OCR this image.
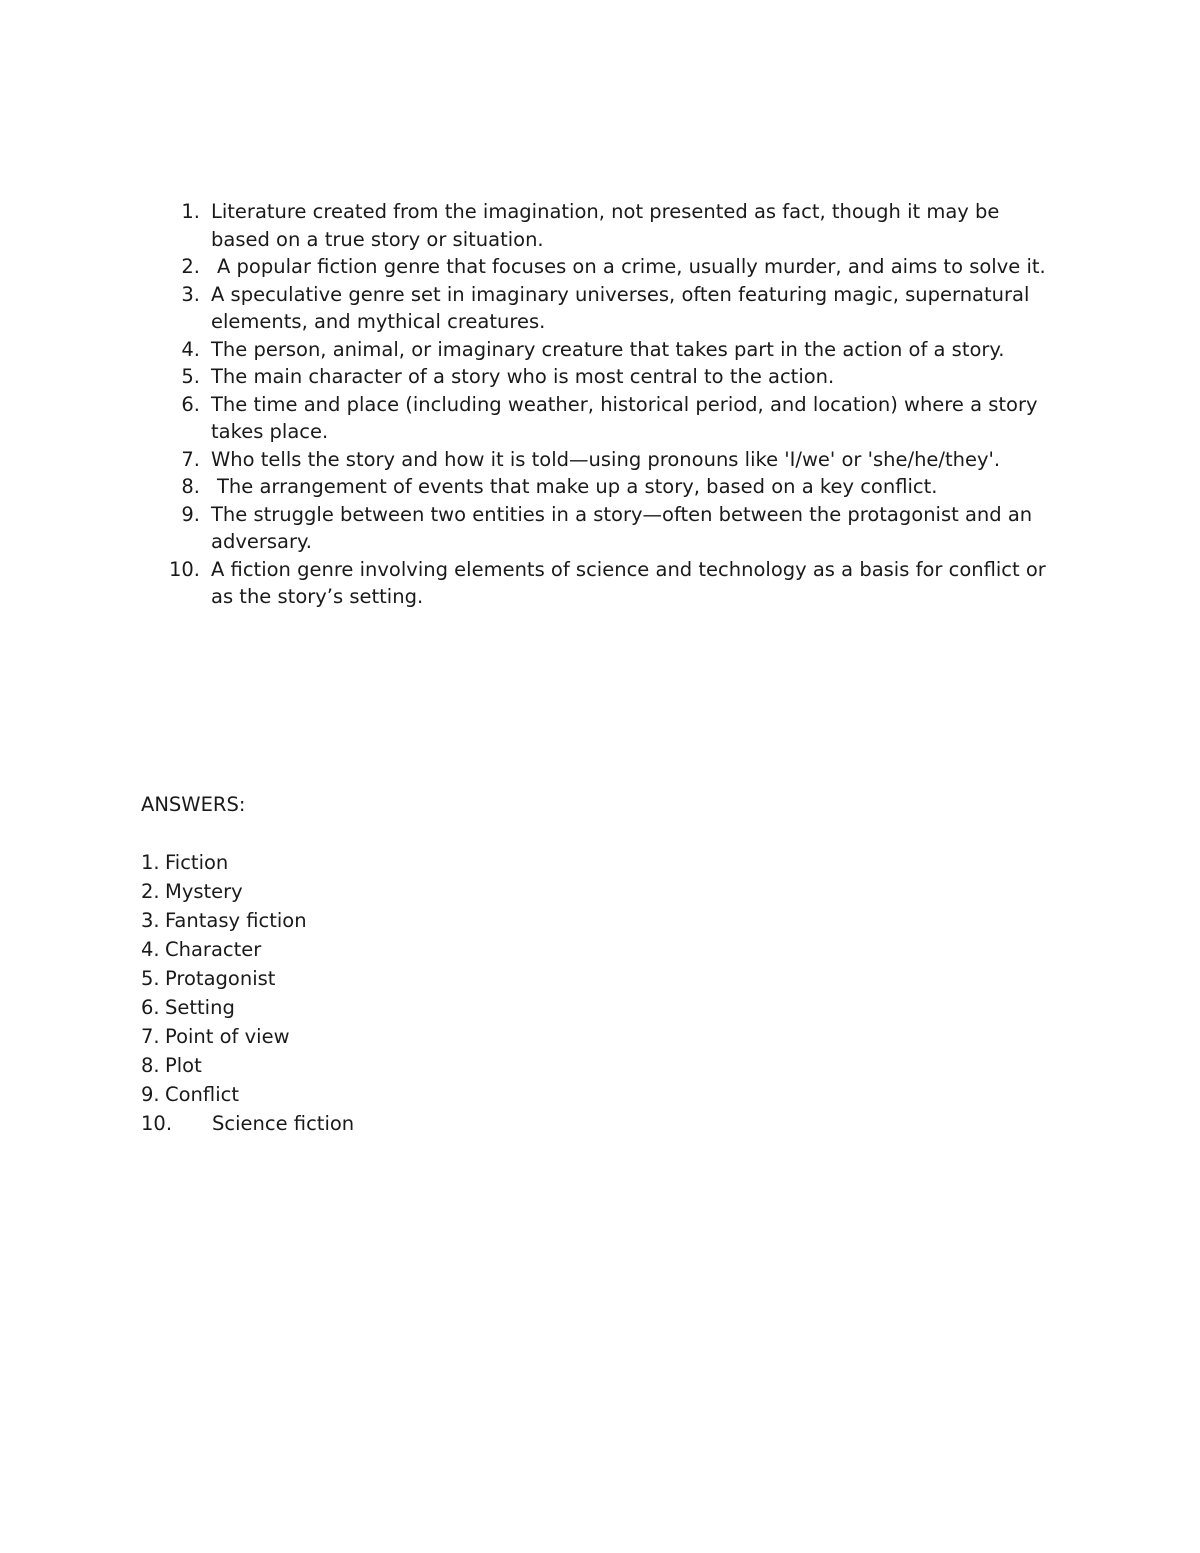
1. Literature created from the imagination, not presented as fact, though it may be based on a true story or situation.
2. A popular fiction genre that focuses on a crime, usually murder, and aims to solve it.
3. A speculative genre set in imaginary universes, often featuring magic, supernatural elements, and mythical creatures.
4. The person, animal, or imaginary creature that takes part in the action of a story.
5. The main character of a story who is most central to the action.
6. The time and place (including weather, historical period, and location) where a story takes place.
7. Who tells the story and how it is told—using pronouns like 'I/we' or 'she/he/they'.
8. The arrangement of events that make up a story, based on a key conflict.
9. The struggle between two entities in a story—often between the protagonist and an adversary.
10. A fiction genre involving elements of science and technology as a basis for conflict or as the story’s setting.

ANSWERS:

1. Fiction
2. Mystery
3. Fantasy fiction
4. Character
5. Protagonist
6. Setting
7. Point of view
8. Plot
9. Conflict
10. Science fiction
